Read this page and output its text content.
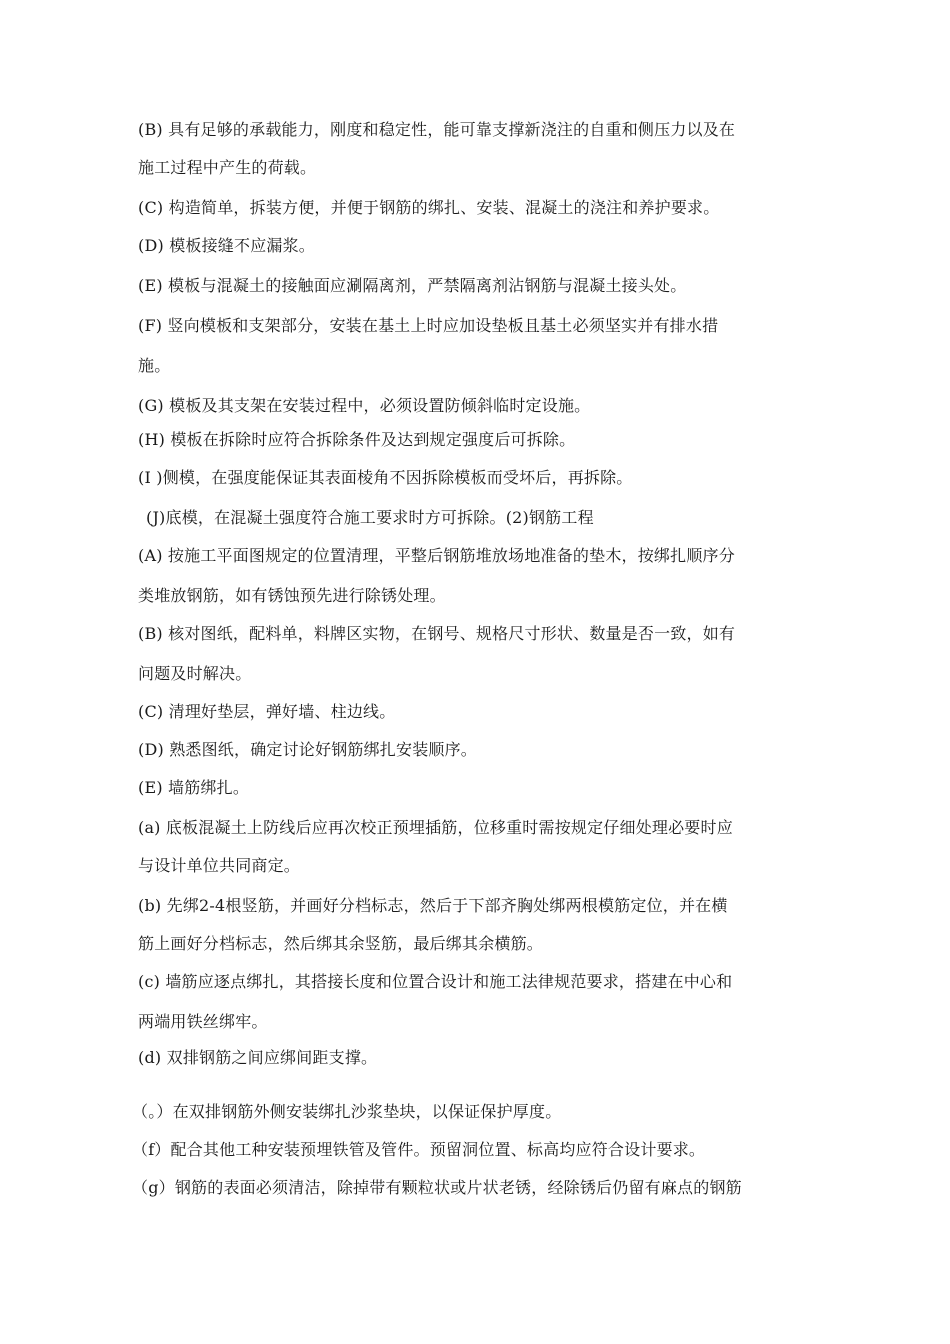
(B) 具有足够的承载能力，刚度和稳定性，能可靠支撑新浇注的自重和侧压力以及在
施工过程中产生的荷载。
(C) 构造简单，拆装方便，并便于钢筋的绑扎、安装、混凝土的浇注和养护要求。
(D) 模板接缝不应漏浆。
(E) 模板与混凝土的接触面应涮隔离剂，严禁隔离剂沾钢筋与混凝土接头处。
(F) 竖向模板和支架部分，安装在基土上时应加设垫板且基土必须坚实并有排水措
施。
(G) 模板及其支架在安装过程中，必须设置防倾斜临时定设施。
(H) 模板在拆除时应符合拆除条件及达到规定强度后可拆除。
(I )侧模，在强度能保证其表面棱角不因拆除模板而受坏后，再拆除。
(J)底模，在混凝土强度符合施工要求时方可拆除。(2)钢筋工程
(A) 按施工平面图规定的位置清理，平整后钢筋堆放场地准备的垫木，按绑扎顺序分
类堆放钢筋，如有锈蚀预先进行除锈处理。
(B) 核对图纸，配料单，料牌区实物，在钢号、规格尺寸形状、数量是否一致，如有
问题及时解决。
(C) 清理好垫层，弹好墙、柱边线。
(D) 熟悉图纸，确定讨论好钢筋绑扎安装顺序。
(E) 墙筋绑扎。
(a) 底板混凝土上防线后应再次校正预埋插筋，位移重时需按规定仔细处理必要时应
与设计单位共同商定。
(b) 先绑2-4根竖筋，并画好分档标志，然后于下部齐胸处绑两根模筋定位，并在横
筋上画好分档标志，然后绑其余竖筋，最后绑其余横筋。
(c) 墙筋应逐点绑扎，其搭接长度和位置合设计和施工法律规范要求，搭建在中心和
两端用铁丝绑牢。
(d) 双排钢筋之间应绑间距支撑。
（。）在双排钢筋外侧安装绑扎沙浆垫块，以保证保护厚度。
（f）配合其他工种安装预埋铁管及管件。预留洞位置、标高均应符合设计要求。
（g）钢筋的表面必须清洁，除掉带有颗粒状或片状老锈，经除锈后仍留有麻点的钢筋
